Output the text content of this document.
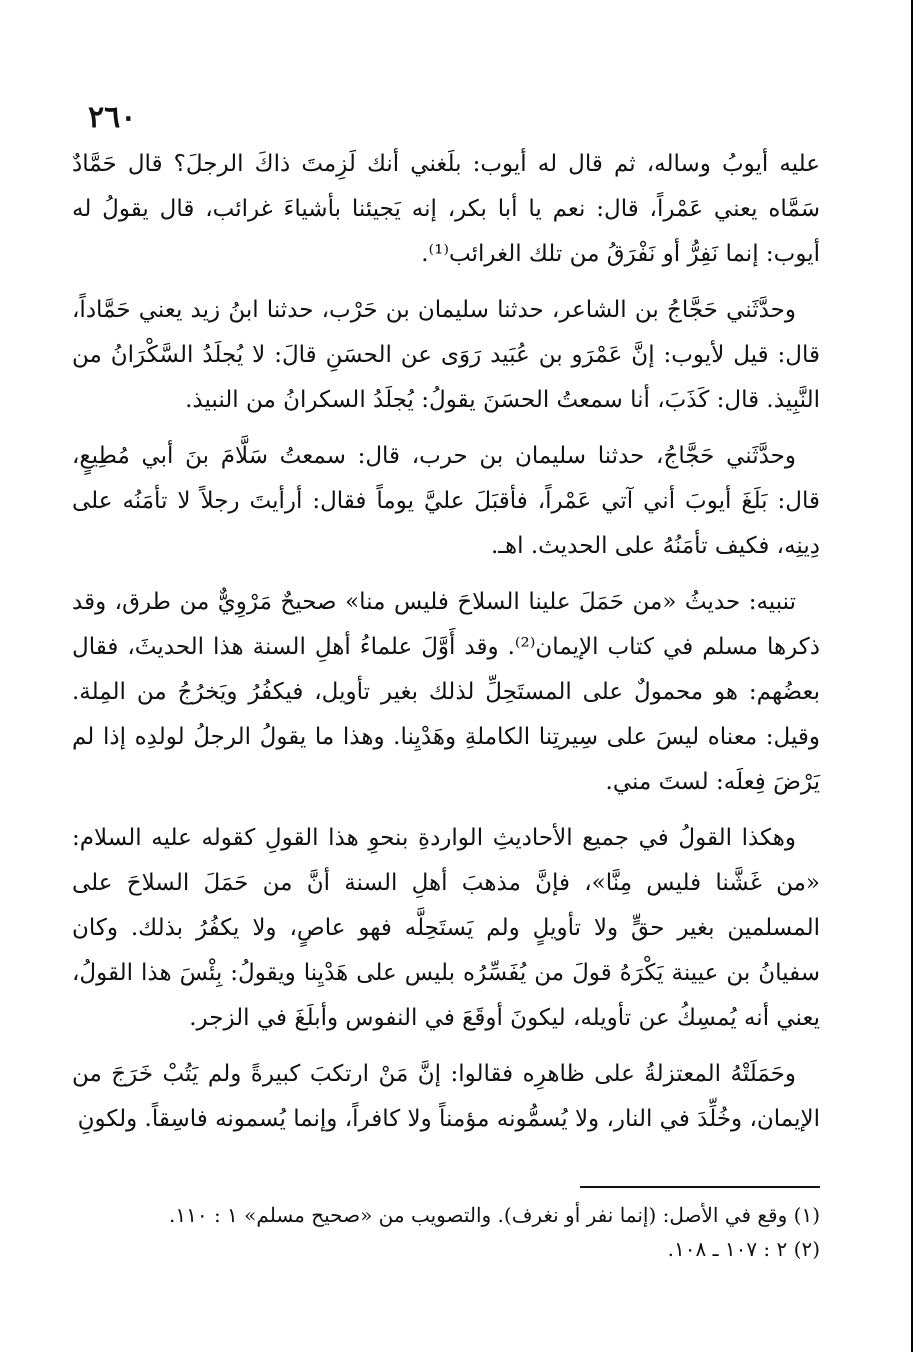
٢٦٠

عليه أيوبُ وساله، ثم قال له أيوب: بلَغني أنك لَزِمتَ ذاكَ الرجلَ؟ قال حَمَّادٌ سَمَّاه يعني عَمْراً، قال: نعم يا أبا بكر، إنه يَجيئنا بأشياءَ غرائب، قال يقولُ له أيوب: إنما نَفِرُّ أو نَفْرَقُ من تلك الغرائب⁽¹⁾.

وحدَّثَني حَجَّاجُ بن الشاعر، حدثنا سليمان بن حَرْب، حدثنا ابنُ زيد يعني حَمَّاداً، قال: قيل لأيوب: إنَّ عَمْرَو بن عُبَيد رَوَى عن الحسَنِ قالَ: لا يُجلَدُ السَّكْرَانُ من النَّبِيذ. قال: كَذَبَ، أنا سمعتُ الحسَنَ يقولُ: يُجلَدُ السكرانُ من النبيذ.

وحدَّثَني حَجَّاجُ، حدثنا سليمان بن حرب، قال: سمعتُ سَلَّامَ بنَ أبي مُطِيعٍ، قال: بَلَغَ أيوبَ أني آتي عَمْراً، فأقبَلَ عليَّ يوماً فقال: أرأيتَ رجلاً لا تأمَنُه على دِينِه، فكيف تأمَنُهُ على الحديث. اهـ.

تنبيه: حديثُ «من حَمَلَ علينا السلاحَ فليس منا» صحيحٌ مَرْوِيٌّ من طرق، وقد ذكرها مسلم في كتاب الإيمان⁽²⁾. وقد أَوَّلَ علماءُ أهلِ السنة هذا الحديثَ، فقال بعضُهم: هو محمولٌ على المستَحِلِّ لذلك بغير تأويل، فيكفُرُ ويَخرُجُ من المِلة. وقيل: معناه ليسَ على سِيرتِنا الكاملةِ وهَدْيِنا. وهذا ما يقولُ الرجلُ لولدِه إذا لم يَرْضَ فِعلَه: لستَ مني.

وهكذا القولُ في جميع الأحاديثِ الواردةِ بنحوِ هذا القولِ كقوله عليه السلام: «من غَشَّنا فليس مِنَّا»، فإنَّ مذهبَ أهلِ السنة أنَّ من حَمَلَ السلاحَ على المسلمين بغير حقٍّ ولا تأويلٍ ولم يَستَحِلَّه فهو عاصٍ، ولا يكفُرُ بذلك. وكان سفيانُ بن عيينة يَكْرَهُ قولَ من يُفَسِّرُه بليس على هَدْيِنا ويقولُ: بِئْسَ هذا القولُ، يعني أنه يُمسِكُ عن تأويله، ليكونَ أوقَعَ في النفوس وأبلَغَ في الزجر.

وحَمَلَتْهُ المعتزلةُ على ظاهرِه فقالوا: إنَّ مَنْ ارتكبَ كبيرةً ولم يَتُبْ خَرَجَ من الإيمان، وخُلِّدَ في النار، ولا يُسمُّونه مؤمناً ولا كافراً، وإنما يُسمونه فاسِقاً. ولكونِ

(١) وقع في الأصل: (إنما نفر أو نغرف). والتصويب من «صحيح مسلم» ١ : ١١٠.

(٢) ٢ : ١٠٧ ـ ١٠٨.
